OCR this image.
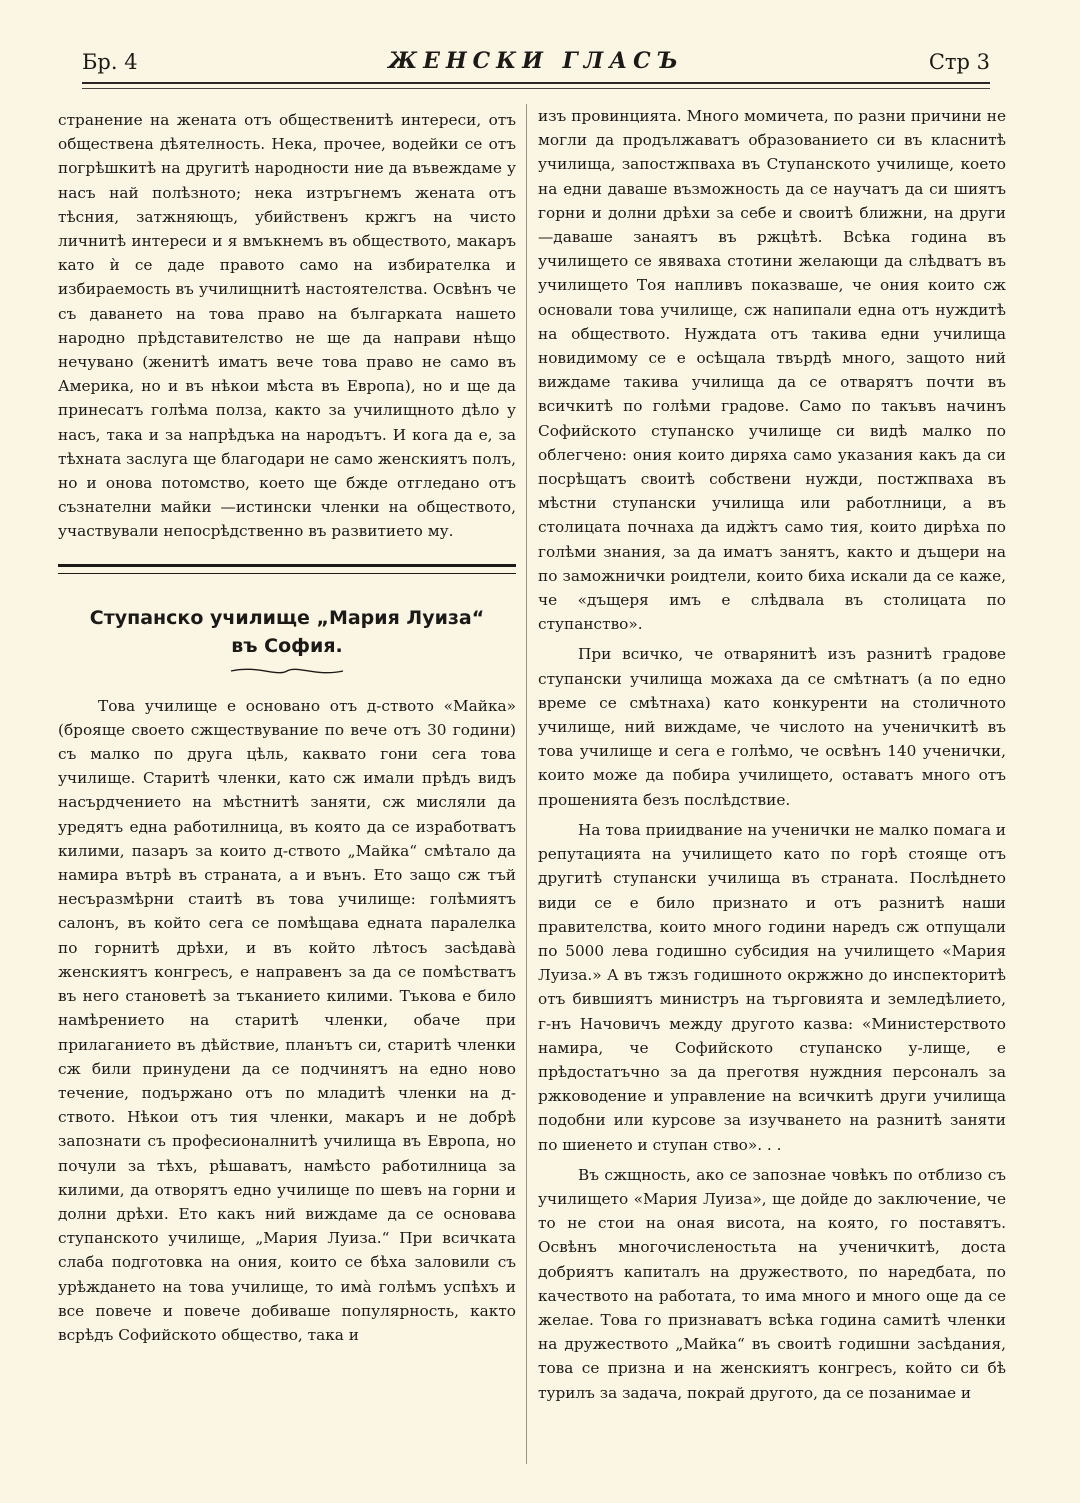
Бр. 4	ЖЕНСКИ ГЛАСЪ	Стр 3

странение на жената отъ общественитѣ интереси, отъ обществена дѣятелность. Нека, прочее, водейки се отъ погрѣшкитѣ на другитѣ народности ние да въвеждаме у насъ най полѣзното; нека изтръгнемъ жената отъ тѣсния, затжняющъ, убийственъ кржгъ на чисто личнитѣ интереси и я вмъкнемъ въ обществото, макаръ като ѝ се даде правото само на избирателка и избираемость въ училищнитѣ настоятелства. Освѣнъ че съ даването на това право на българката нашето народно прѣдставителство не ще да направи нѣщо нечувано (женитѣ иматъ вече това право не само въ Америка, но и въ нѣкои мѣста въ Европа), но и ще да принесатъ голѣма полза, както за училищното дѣло у насъ, така и за напрѣдъка на народътъ. И кога да е, за тѣхната заслуга ще благодари не само женскиятъ полъ, но и онова потомство, което ще бжде отгледано отъ съзнателни майки —истински членки на обществото, участвували непосрѣдственно въ развитието му.

Ступанско училище „Мария Луиза“
въ София.

Това училище е основано отъ д-ството «Майка» (броящe своето сжществувание по вече отъ 30 години) съ малко по друга цѣль, каквато гони сега това училище. Старитѣ членки, като сж имали прѣдъ видъ насърдчението на мѣстнитѣ заняти, сж мисляли да уредятъ една работилница, въ която да се изработватъ килими, пазаръ за които д-ството „Майка“ смѣтало да намира вътрѣ въ страната, а и вънъ. Ето защо сж тъй несъразмѣрни стаитѣ въ това училище: голѣмиятъ салонъ, въ който сега се помѣщава едната паралелка по горнитѣ дрѣхи, и въ който лѣтосъ засѣдавà женскиятъ конгресъ, е направенъ за да се помѣстватъ въ него становетѣ за тъканието килими. Тъкова е било намѣрението на старитѣ членки, обаче при прилаганието въ дѣйствие, планътъ си, старитѣ членки сж били принудени да се подчинятъ на едно ново течение, подържано отъ по младитѣ членки на д-ството. Нѣкои отъ тия членки, макаръ и не добрѣ запознати съ професионалнитѣ училища въ Европа, но почули за тѣхъ, рѣшаватъ, намѣсто работилница за килими, да отворятъ едно училище по шевъ на горни и долни дрѣхи. Ето какъ ний виждаме да се основава ступанското училище, „Мария Луиза.“ При всичката слаба подготовка на ония, които се бѣха заловили съ урѣждането на това училище, то имà голѣмъ успѣхъ и все повече и повече добиваше популярность, както всрѣдъ Софийското общество, така и

изъ провинцията. Много момичета, по разни причини не могли да продължаватъ образованието си въ класнитѣ училища, запостжпваха въ Ступанското училище, което на едни даваше възможность да се научатъ да си шиятъ горни и долни дрѣхи за себе и своитѣ ближни, на други—даваше занаятъ въ ржцѣтѣ. Всѣка година въ училището се явяваха стотини желающи да слѣдватъ въ училището Тоя напливъ показваше, че ония които сж основали това училище, сж напипали една отъ нуждитѣ на обществото. Нуждата отъ такива едни училища новидимому се е осѣщала твърдѣ много, защото ний виждаме такива училища да се отварятъ почти въ всичкитѣ по голѣми градове. Само по такъвъ начинъ Софийското ступанско училище си видѣ малко по облегчено: ония които диряха само указания какъ да си посрѣщатъ своитѣ собствени нужди, постжпваха въ мѣстни ступански училища или работлници, а въ столицата почнаха да идж̀тъ само тия, които дирѣха по голѣми знания, за да иматъ занятъ, както и дъщери на по заможнички роидтели, които биха искали да се каже, че «дъщеря имъ е слѣдвала въ столицата по ступанство».

При всичко, че отварянитѣ изъ разнитѣ градове ступански училища можаха да се смѣтнатъ (а по едно време се смѣтнаха) като конкуренти на столичното училище, ний виждаме, че числото на ученичкитѣ въ това училище и сега е голѣмо, че освѣнъ 140 ученички, които може да побира училището, оставатъ много отъ прошенията безъ послѣдствие.

На това приидвание на ученички не малко помага и репутацията на училището като по горѣ стоящe отъ другитѣ ступански училища въ страната. Послѣднето види се е било признато и отъ разнитѣ наши правителства, които много години наредъ сж отпущали по 5000 лева годишно субсидия на училището «Мария Луиза.» А въ тжзъ годишното окржжно до инспекторитѣ отъ бившиятъ министръ на търговията и земледѣлието, г-нъ Начовичъ между другото казва: «Министерството намира, че Софийското ступанско у-лище, е прѣдостатъчно за да преготвя нуждния персоналъ за ржководение и управление на всичкитѣ други училища подобни или курсове за изучването на разнитѣ заняти по шиенето и ступан ство». . .

Въ сжщность, ако се запознае човѣкъ по отблизо съ училището «Мария Луиза», ще дойде до заключение, че то не стои на оная висота, на която, го поставятъ. Освѣнъ многочисленостьта на ученичкитѣ, доста добриятъ капиталъ на дружеството, по наредбата, по качеството на работата, то има много и много още да се желае. Това го признаватъ всѣка година самитѣ членки на дружеството „Майка“ въ своитѣ годишни засѣдания, това се призна и на женскиятъ конгресъ, който си бѣ турилъ за задача, покрай другото, да се позанимае и
